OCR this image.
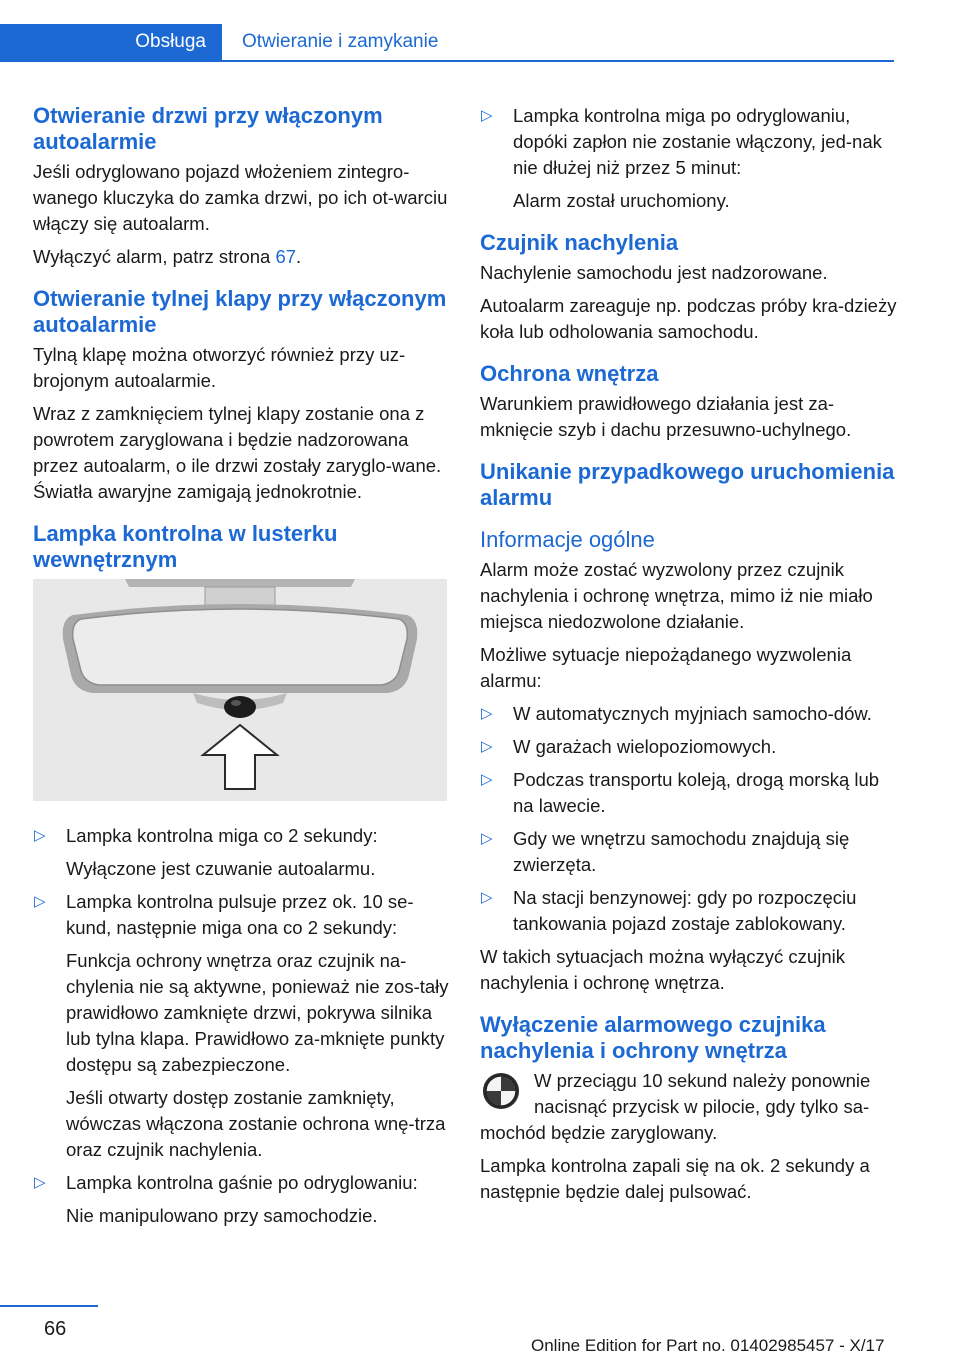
Obsługa Otwieranie i zamykanie
Otwieranie drzwi przy włączonym autoalarmie

Jeśli odryglowano pojazd włożeniem zintegro-wanego kluczyka do zamka drzwi, po ich ot-warciu włączy się autoalarm.

Wyłączyć alarm, patrz strona 67.

Otwieranie tylnej klapy przy włączonym autoalarmie

Tylną klapę można otworzyć również przy uz-brojonym autoalarmie.

Wraz z zamknięciem tylnej klapy zostanie ona z powrotem zaryglowana i będzie nadzorowana przez autoalarm, o ile drzwi zostały zaryglo-wane. Światła awaryjne zamigają jednokrotnie.

Lampka kontrolna w lusterku wewnętrznym
▷ Lampka kontrolna miga co 2 sekundy:

Wyłączone jest czuwanie autoalarmu.

▷ Lampka kontrolna pulsuje przez ok. 10 se-kund, następnie miga ona co 2 sekundy:

Funkcja ochrony wnętrza oraz czujnik na-chylenia nie są aktywne, ponieważ nie zos-tały prawidłowo zamknięte drzwi, pokrywa silnika lub tylna klapa. Prawidłowo za-mknięte punkty dostępu są zabezpieczone.

Jeśli otwarty dostęp zostanie zamknięty, wówczas włączona zostanie ochrona wnę-trza oraz czujnik nachylenia.

▷ Lampka kontrolna gaśnie po odryglowaniu:

Nie manipulowano przy samochodzie.

▷ Lampka kontrolna miga po odryglowaniu, dopóki zapłon nie zostanie włączony, jed-nak nie dłużej niż przez 5 minut:

Alarm został uruchomiony.

Czujnik nachylenia

Nachylenie samochodu jest nadzorowane.

Autoalarm zareaguje np. podczas próby kra-dzieży koła lub odholowania samochodu.

Ochrona wnętrza

Warunkiem prawidłowego działania jest za-mknięcie szyb i dachu przesuwno-uchylnego.

Unikanie przypadkowego uruchomienia alarmu
Informacje ogólne

Alarm może zostać wyzwolony przez czujnik nachylenia i ochronę wnętrza, mimo iż nie miało miejsca niedozwolone działanie.

Możliwe sytuacje niepożądanego wyzwolenia alarmu:

▷ W automatycznych myjniach samocho-dów.

▷ W garażach wielopoziomowych.

▷ Podczas transportu koleją, drogą morską lub na lawecie.

▷ Gdy we wnętrzu samochodu znajdują się zwierzęta.

▷ Na stacji benzynowej: gdy po rozpoczęciu tankowania pojazd zostaje zablokowany.

W takich sytuacjach można wyłączyć czujnik nachylenia i ochronę wnętrza.

Wyłączenie alarmowego czujnika nachylenia i ochrony wnętrza

W przeciągu 10 sekund należy ponownie nacisnąć przycisk w pilocie, gdy tylko sa-mochód będzie zaryglowany.

Lampka kontrolna zapali się na ok. 2 sekundy a następnie będzie dalej pulsować.

66
Online Edition for Part no. 01402985457 - X/17
